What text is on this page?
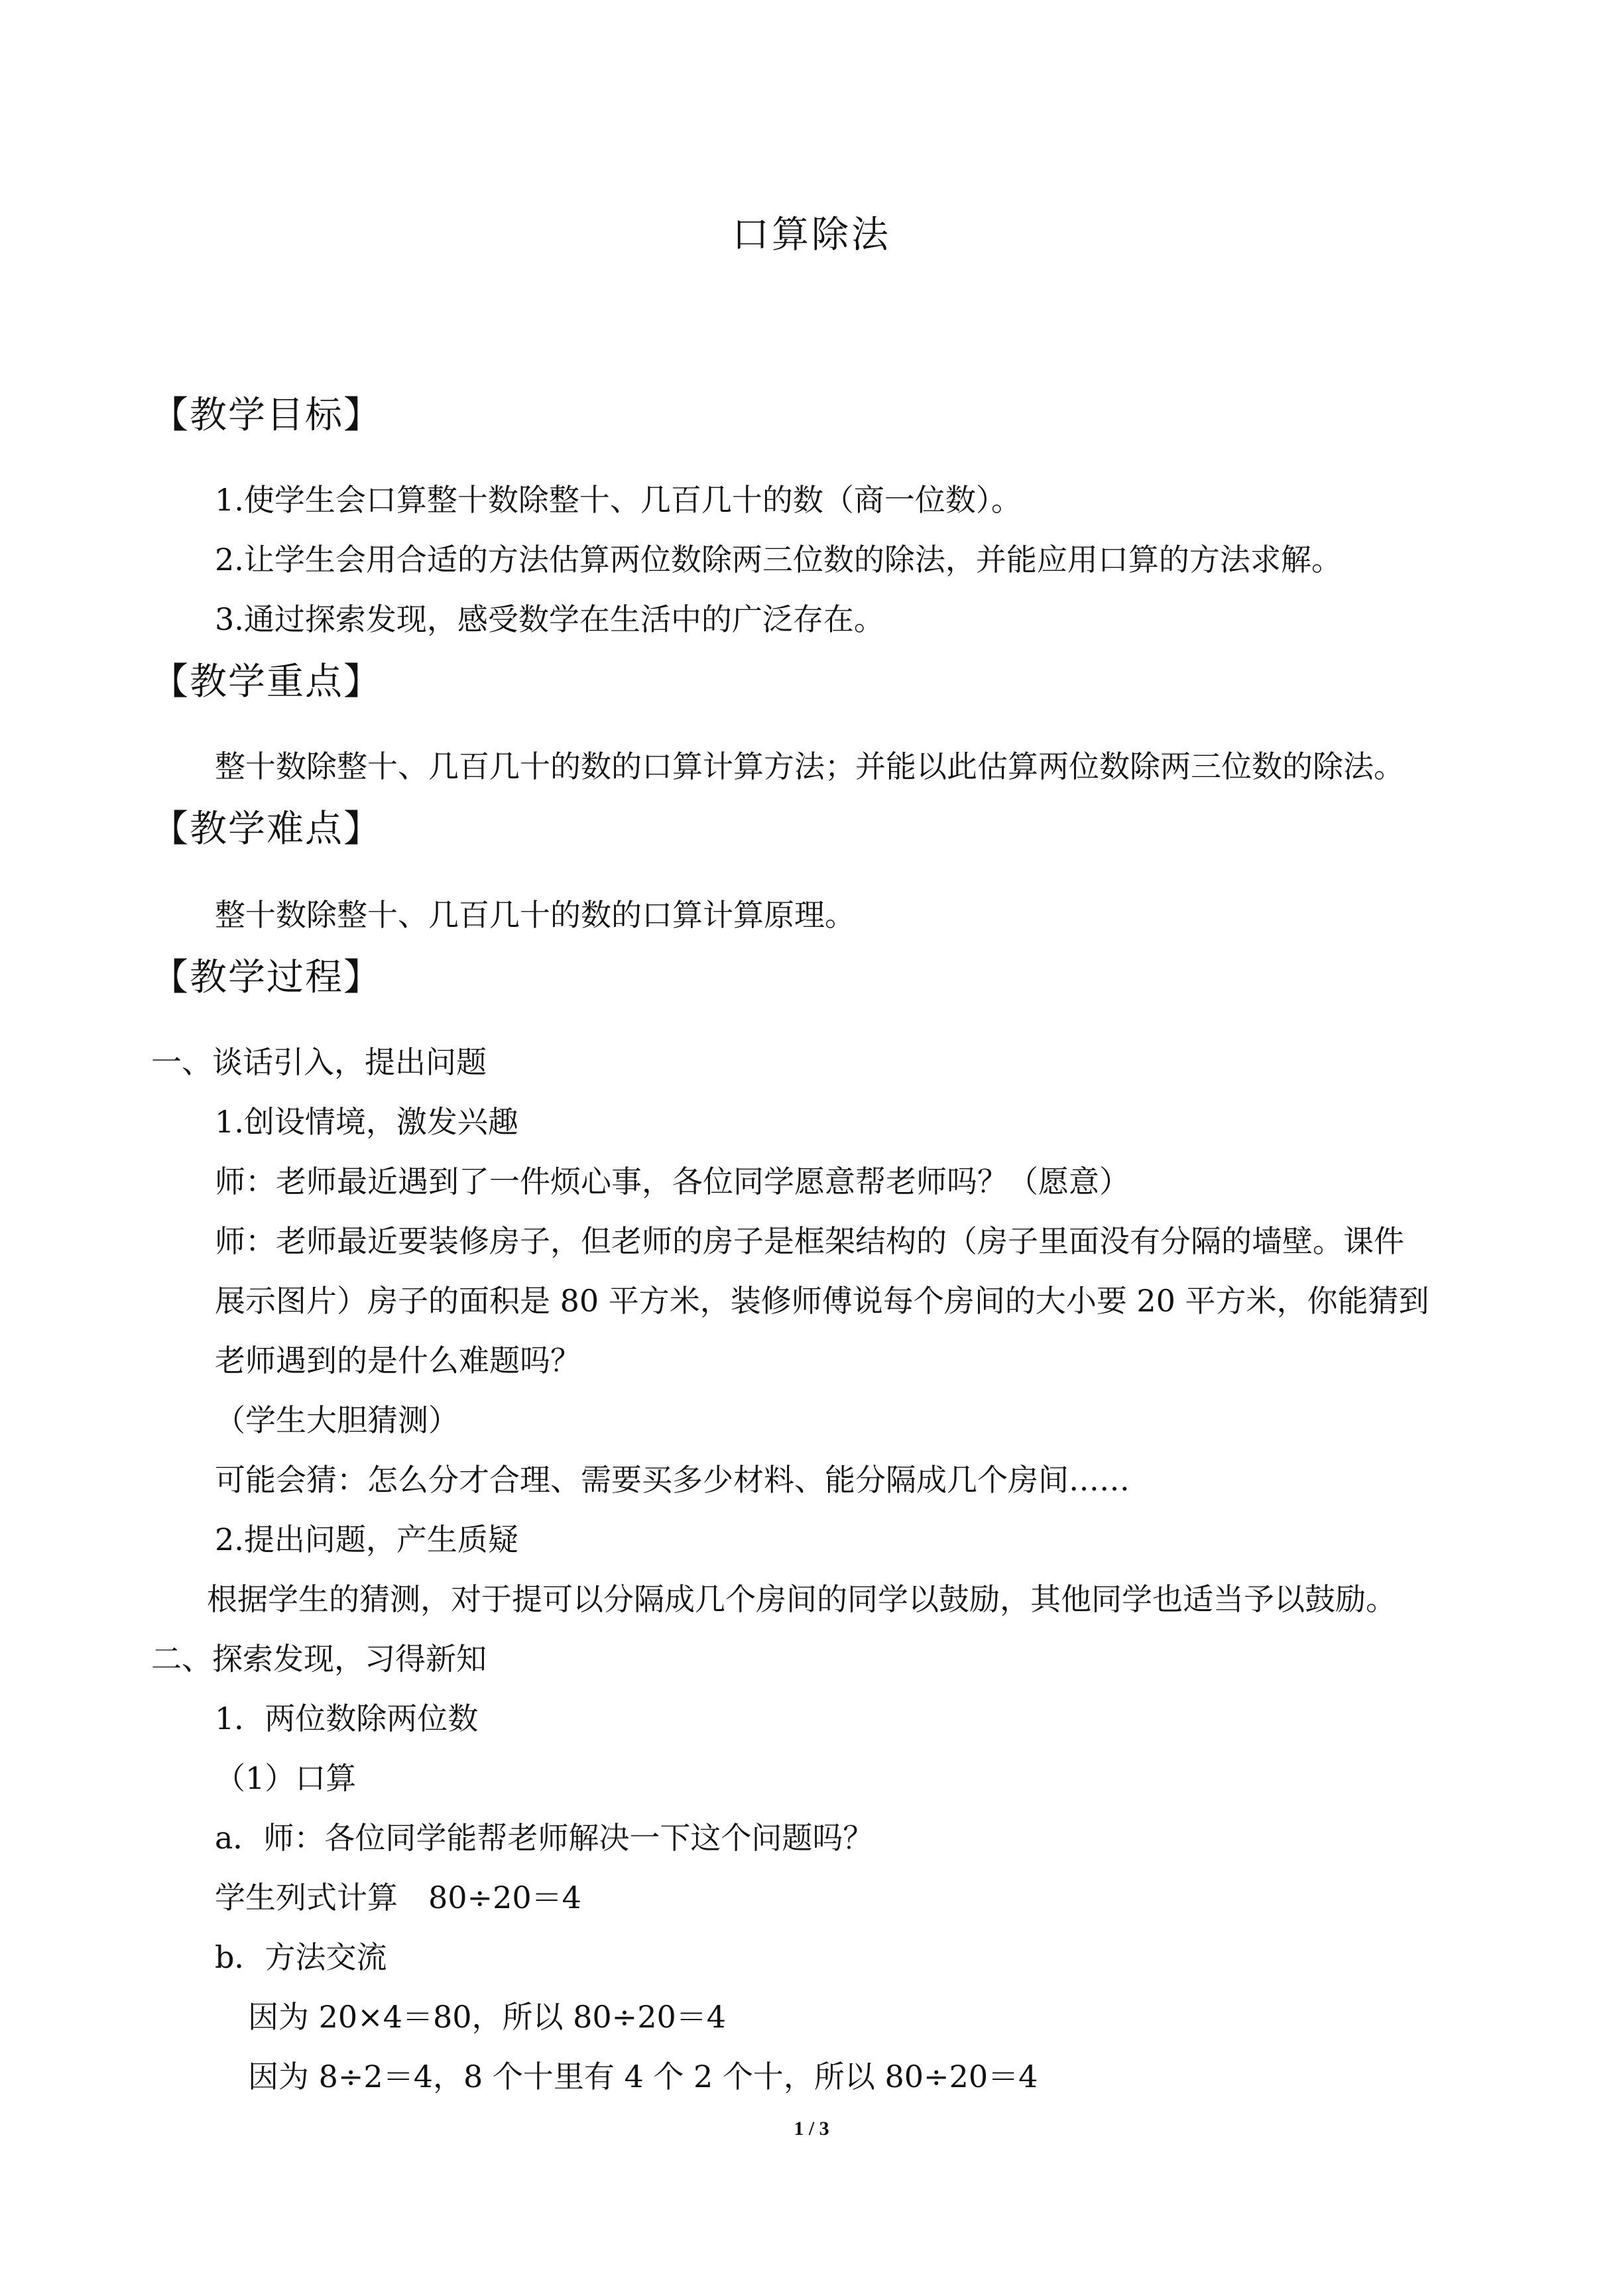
口算除法
【教学目标】
1.使学生会口算整十数除整十、几百几十的数（商一位数）。
2.让学生会用合适的方法估算两位数除两三位数的除法，并能应用口算的方法求解。
3.通过探索发现，感受数学在生活中的广泛存在。
【教学重点】
整十数除整十、几百几十的数的口算计算方法；并能以此估算两位数除两三位数的除法。
【教学难点】
整十数除整十、几百几十的数的口算计算原理。
【教学过程】
一、谈话引入，提出问题
1.创设情境，激发兴趣
师：老师最近遇到了一件烦心事，各位同学愿意帮老师吗？（愿意）
师：老师最近要装修房子，但老师的房子是框架结构的（房子里面没有分隔的墙壁。课件
展示图片）房子的面积是 80 平方米，装修师傅说每个房间的大小要 20 平方米，你能猜到
老师遇到的是什么难题吗？
（学生大胆猜测）
可能会猜：怎么分才合理、需要买多少材料、能分隔成几个房间……
2.提出问题，产生质疑
根据学生的猜测，对于提可以分隔成几个房间的同学以鼓励，其他同学也适当予以鼓励。
二、探索发现，习得新知
1．两位数除两位数
（1）口算
a．师：各位同学能帮老师解决一下这个问题吗？
学生列式计算　80÷20＝4
b．方法交流
因为 20×4＝80，所以 80÷20＝4
因为 8÷2＝4，8 个十里有 4 个 2 个十，所以 80÷20＝4
1 / 3
